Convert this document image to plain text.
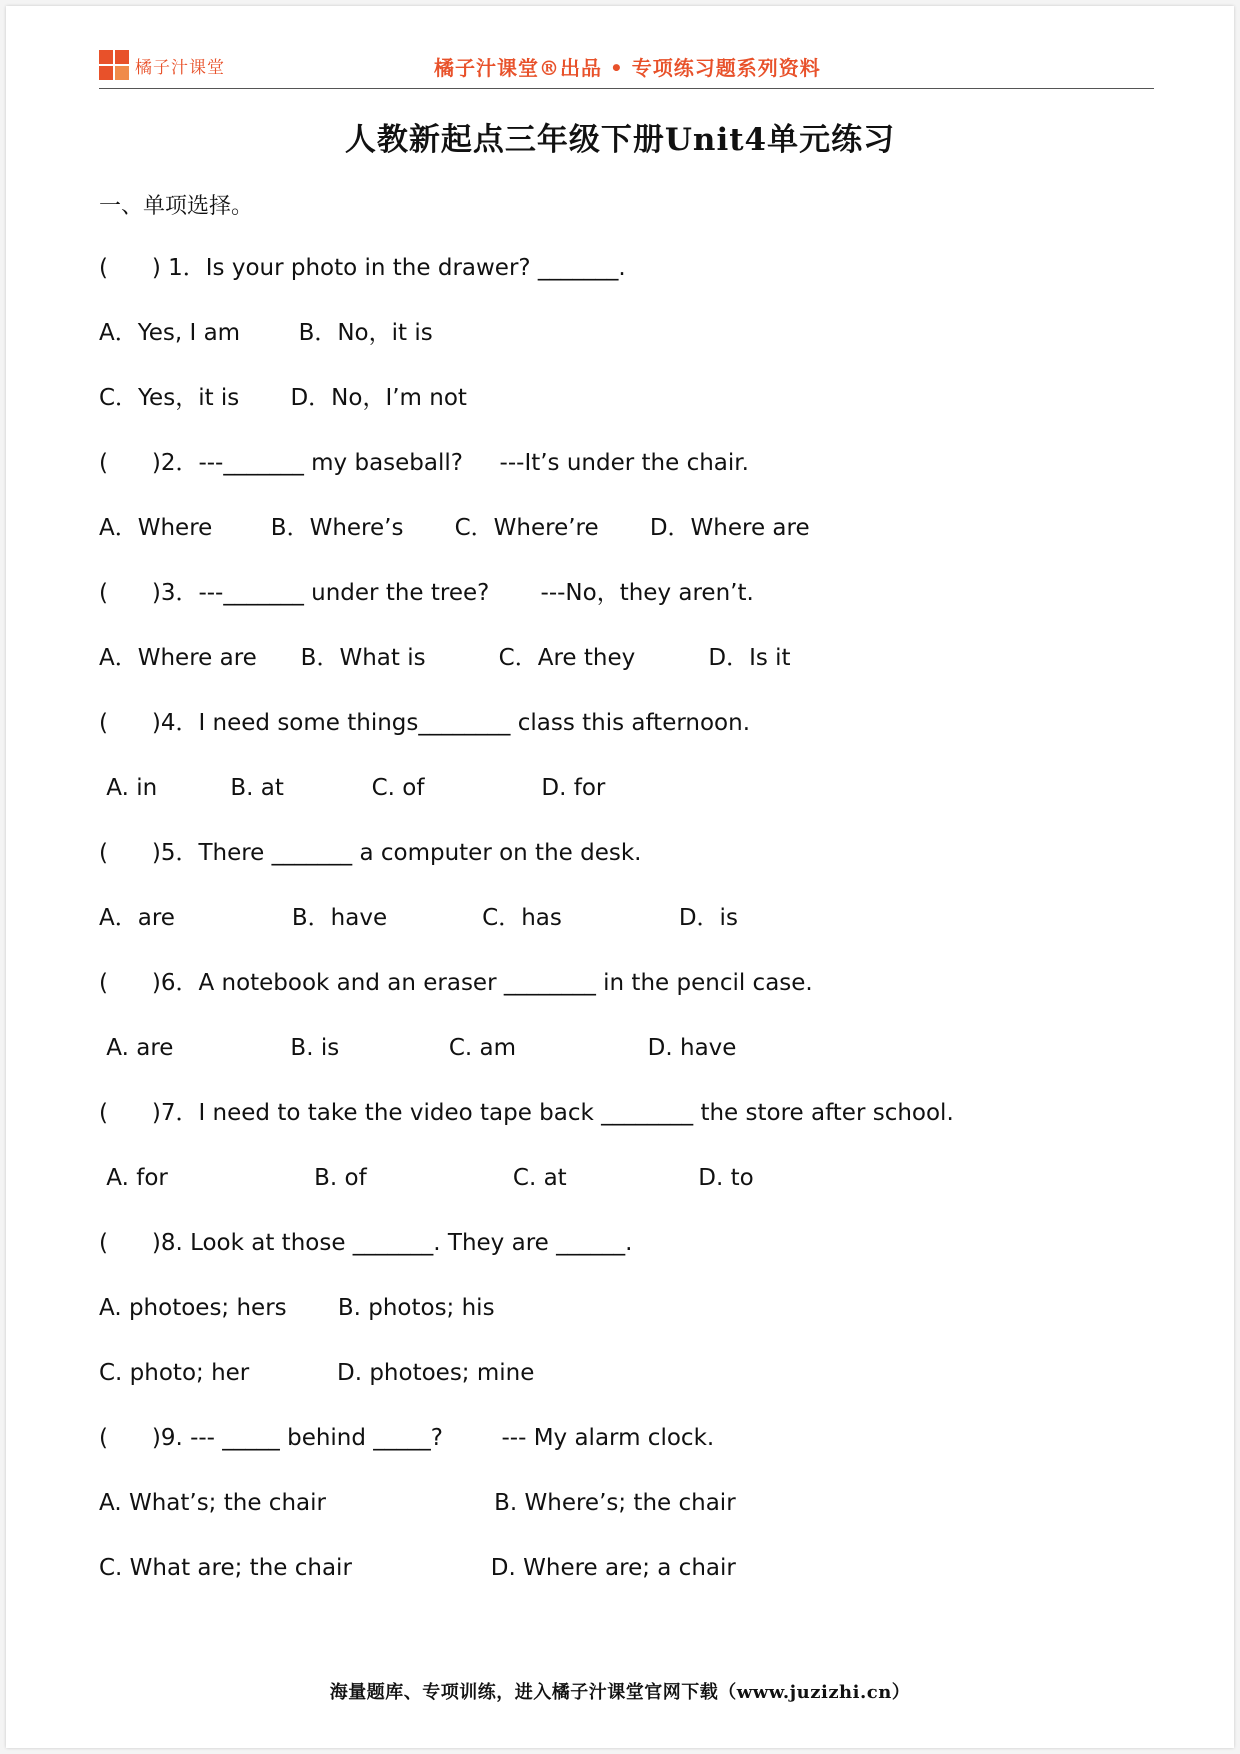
橘子汁课堂	橘子汁课堂®出品 • 专项练习题系列资料
人教新起点三年级下册Unit4单元练习
一、单项选择。
(      ) 1．Is your photo in the drawer? _______.
A．Yes, I am        B．No，it is
C．Yes，it is       D．No，I’m not
(      )2．---_______ my baseball?     ---It’s under the chair.
A．Where        B．Where’s       C．Where’re       D．Where are
(      )3．---_______ under the tree?       ---No，they aren’t.
A．Where are      B．What is          C．Are they          D．Is it
(      )4．I need some things________ class this afternoon.
A. in          B. at            C. of                D. for
(      )5．There _______ a computer on the desk.
A．are                B．have             C．has                D．is
(      )6．A notebook and an eraser ________ in the pencil case.
A. are                B. is               C. am                  D. have
(      )7．I need to take the video tape back ________ the store after school.
A. for                    B. of                    C. at                  D. to
(      )8. Look at those _______. They are ______.
A. photoes; hers       B. photos; his
C. photo; her            D. photoes; mine
(      )9. --- _____ behind _____?        --- My alarm clock.
A. What’s; the chair                       B. Where’s; the chair
C. What are; the chair                   D. Where are; a chair
海量题库、专项训练，进入橘子汁课堂官网下载（www.juzizhi.cn）
